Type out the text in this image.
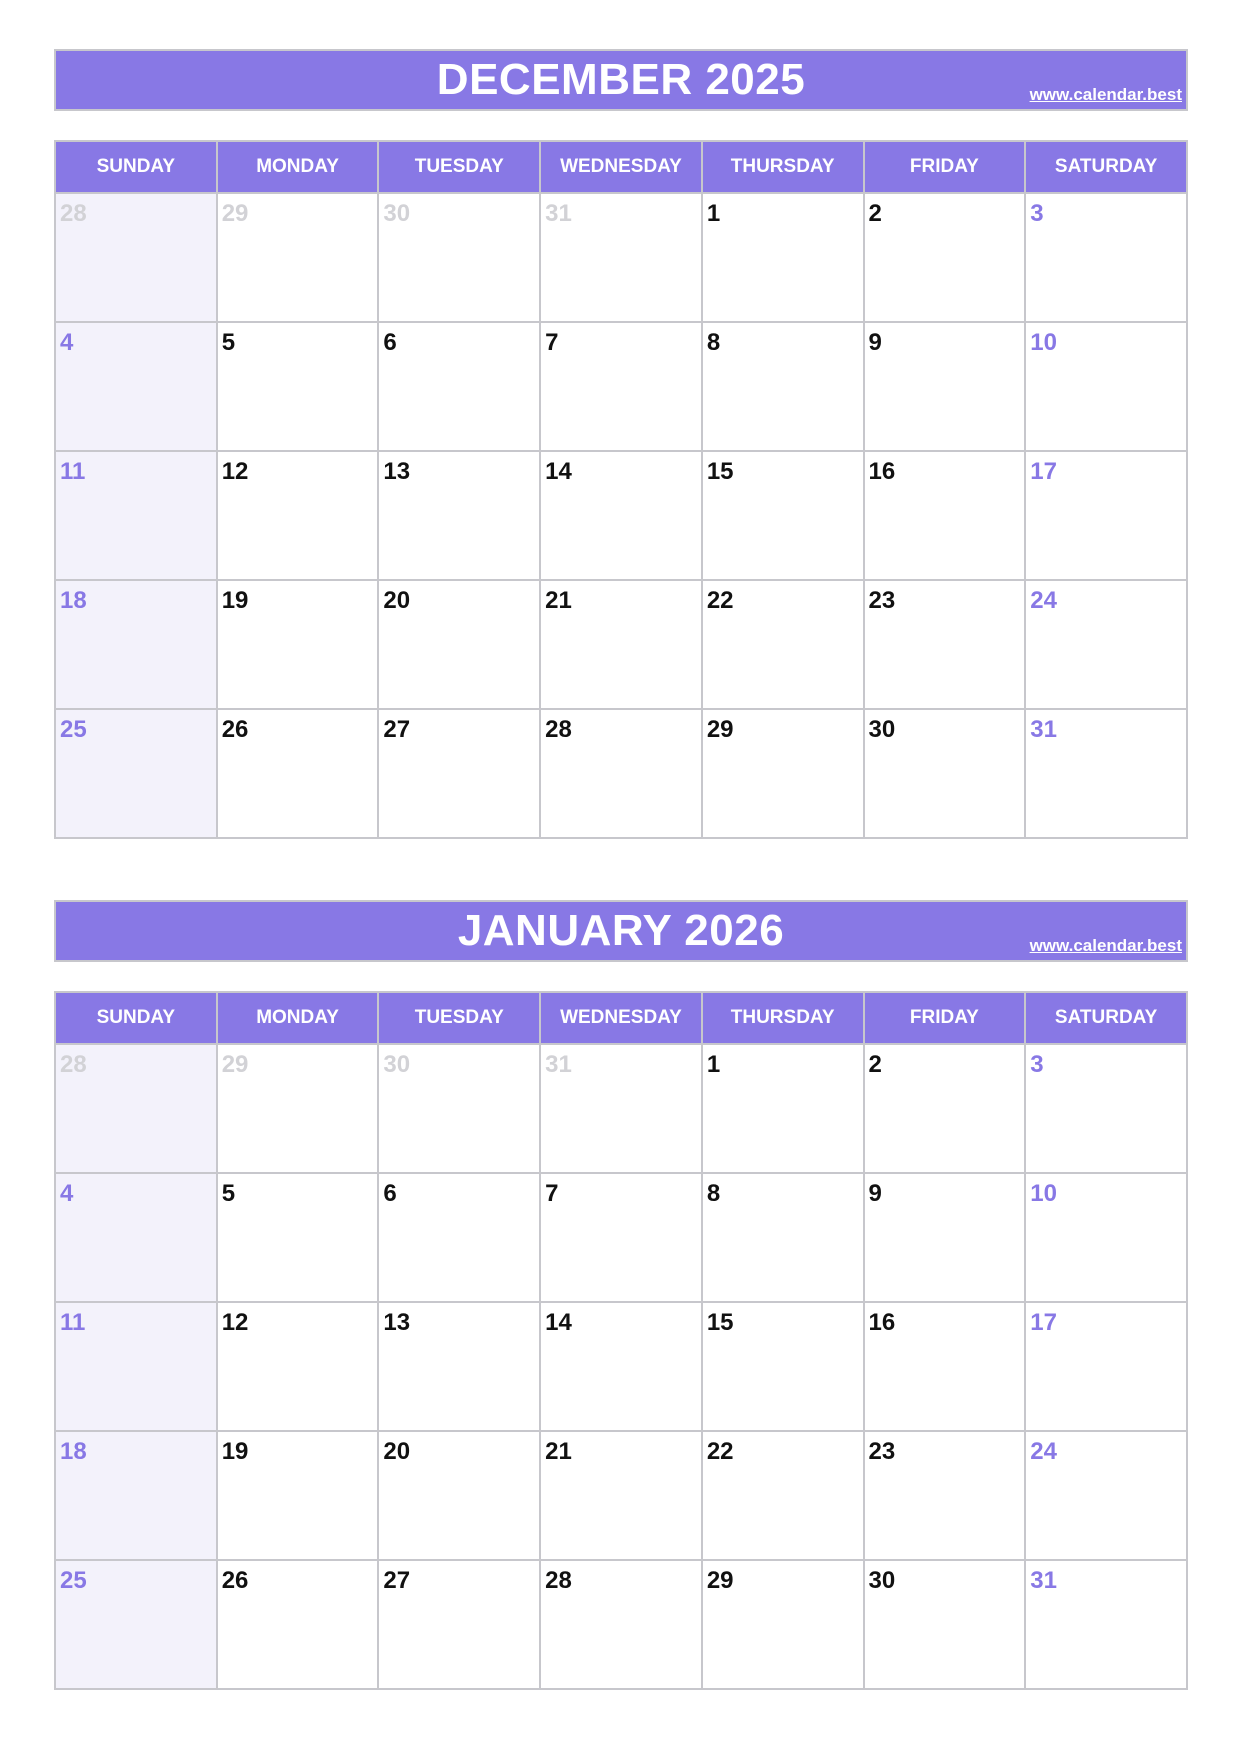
DECEMBER 2025	www.calendar.best
SUNDAY	MONDAY	TUESDAY	WEDNESDAY	THURSDAY	FRIDAY	SATURDAY

28	29	30	31	1	2	3

4	5	6	7	8	9	10

11	12	13	14	15	16	17

18	19	20	21	22	23	24

25	26	27	28	29	30	31
JANUARY 2026	www.calendar.best
SUNDAY	MONDAY	TUESDAY	WEDNESDAY	THURSDAY	FRIDAY	SATURDAY

28	29	30	31	1	2	3

4	5	6	7	8	9	10

11	12	13	14	15	16	17

18	19	20	21	22	23	24

25	26	27	28	29	30	31
